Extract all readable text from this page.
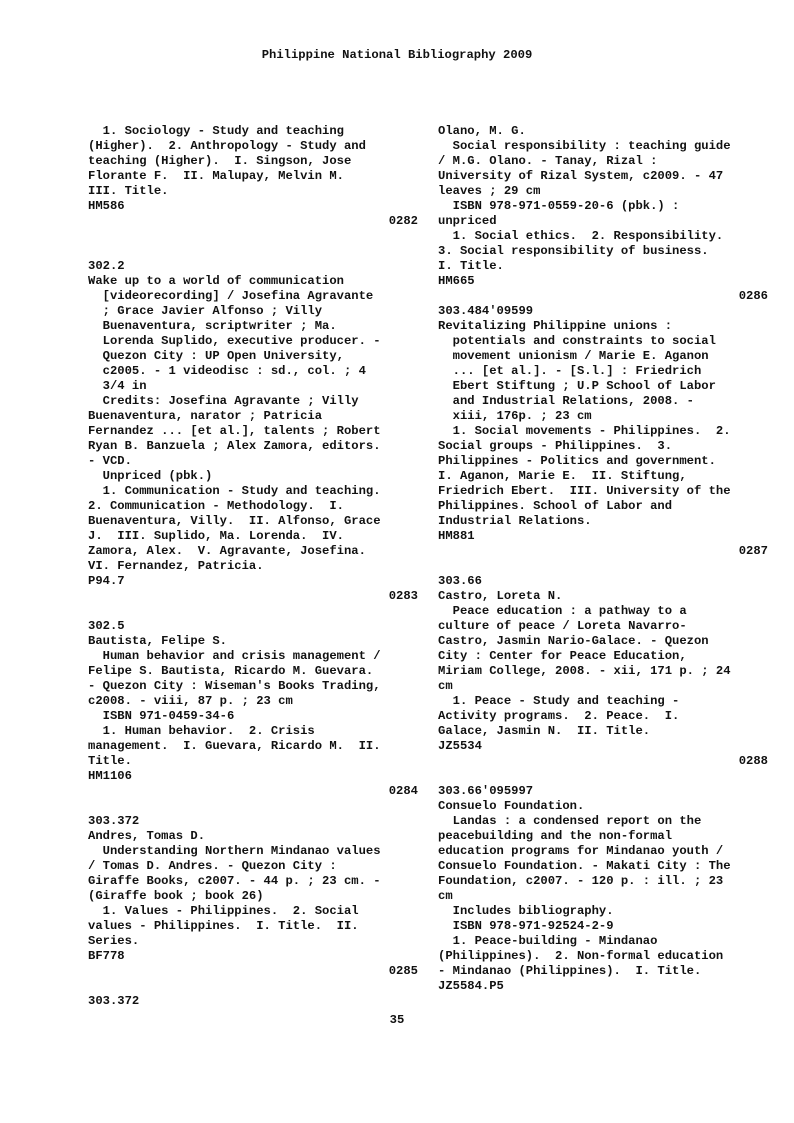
Philippine National Bibliography 2009
1. Sociology - Study and teaching
(Higher).  2. Anthropology - Study and
teaching (Higher).  I. Singson, Jose
Florante F.  II. Malupay, Melvin M.
III. Title.
HM586
0282
302.2
Wake up to a world of communication
[videorecording] / Josefina Agravante
; Grace Javier Alfonso ; Villy
Buenaventura, scriptwriter ; Ma.
Lorenda Suplido, executive producer. -
Quezon City : UP Open University,
c2005. - 1 videodisc : sd., col. ; 4
3/4 in
Credits: Josefina Agravante ; Villy
Buenaventura, narator ; Patricia
Fernandez ... [et al.], talents ; Robert
Ryan B. Banzuela ; Alex Zamora, editors.
- VCD.
Unpriced (pbk.)
1. Communication - Study and teaching.
2. Communication - Methodology.  I.
Buenaventura, Villy.  II. Alfonso, Grace
J.  III. Suplido, Ma. Lorenda.  IV.
Zamora, Alex.  V. Agravante, Josefina.
VI. Fernandez, Patricia.
P94.7
0283
302.5
Bautista, Felipe S.
Human behavior and crisis management /
Felipe S. Bautista, Ricardo M. Guevara.
- Quezon City : Wiseman's Books Trading,
c2008. - viii, 87 p. ; 23 cm
ISBN 971-0459-34-6
1. Human behavior.  2. Crisis
management.  I. Guevara, Ricardo M.  II.
Title.
HM1106
0284
303.372
Andres, Tomas D.
Understanding Northern Mindanao values
/ Tomas D. Andres. - Quezon City :
Giraffe Books, c2007. - 44 p. ; 23 cm. -
(Giraffe book ; book 26)
1. Values - Philippines.  2. Social
values - Philippines.  I. Title.  II.
Series.
BF778
0285
303.372
Olano, M. G.
Social responsibility : teaching guide
/ M.G. Olano. - Tanay, Rizal :
University of Rizal System, c2009. - 47
leaves ; 29 cm
ISBN 978-971-0559-20-6 (pbk.) :
unpriced
1. Social ethics.  2. Responsibility.
3. Social responsibility of business.
I. Title.
HM665
0286
303.484'09599
Revitalizing Philippine unions :
potentials and constraints to social
movement unionism / Marie E. Aganon
... [et al.]. - [S.l.] : Friedrich
Ebert Stiftung ; U.P School of Labor
and Industrial Relations, 2008. -
xiii, 176p. ; 23 cm
1. Social movements - Philippines.  2.
Social groups - Philippines.  3.
Philippines - Politics and government.
I. Aganon, Marie E.  II. Stiftung,
Friedrich Ebert.  III. University of the
Philippines. School of Labor and
Industrial Relations.
HM881
0287
303.66
Castro, Loreta N.
Peace education : a pathway to a
culture of peace / Loreta Navarro-
Castro, Jasmin Nario-Galace. - Quezon
City : Center for Peace Education,
Miriam College, 2008. - xii, 171 p. ; 24
cm
1. Peace - Study and teaching -
Activity programs.  2. Peace.  I.
Galace, Jasmin N.  II. Title.
JZ5534
0288
303.66'095997
Consuelo Foundation.
Landas : a condensed report on the
peacebuilding and the non-formal
education programs for Mindanao youth /
Consuelo Foundation. - Makati City : The
Foundation, c2007. - 120 p. : ill. ; 23
cm
Includes bibliography.
ISBN 978-971-92524-2-9
1. Peace-building - Mindanao
(Philippines).  2. Non-formal education
- Mindanao (Philippines).  I. Title.
JZ5584.P5
35
